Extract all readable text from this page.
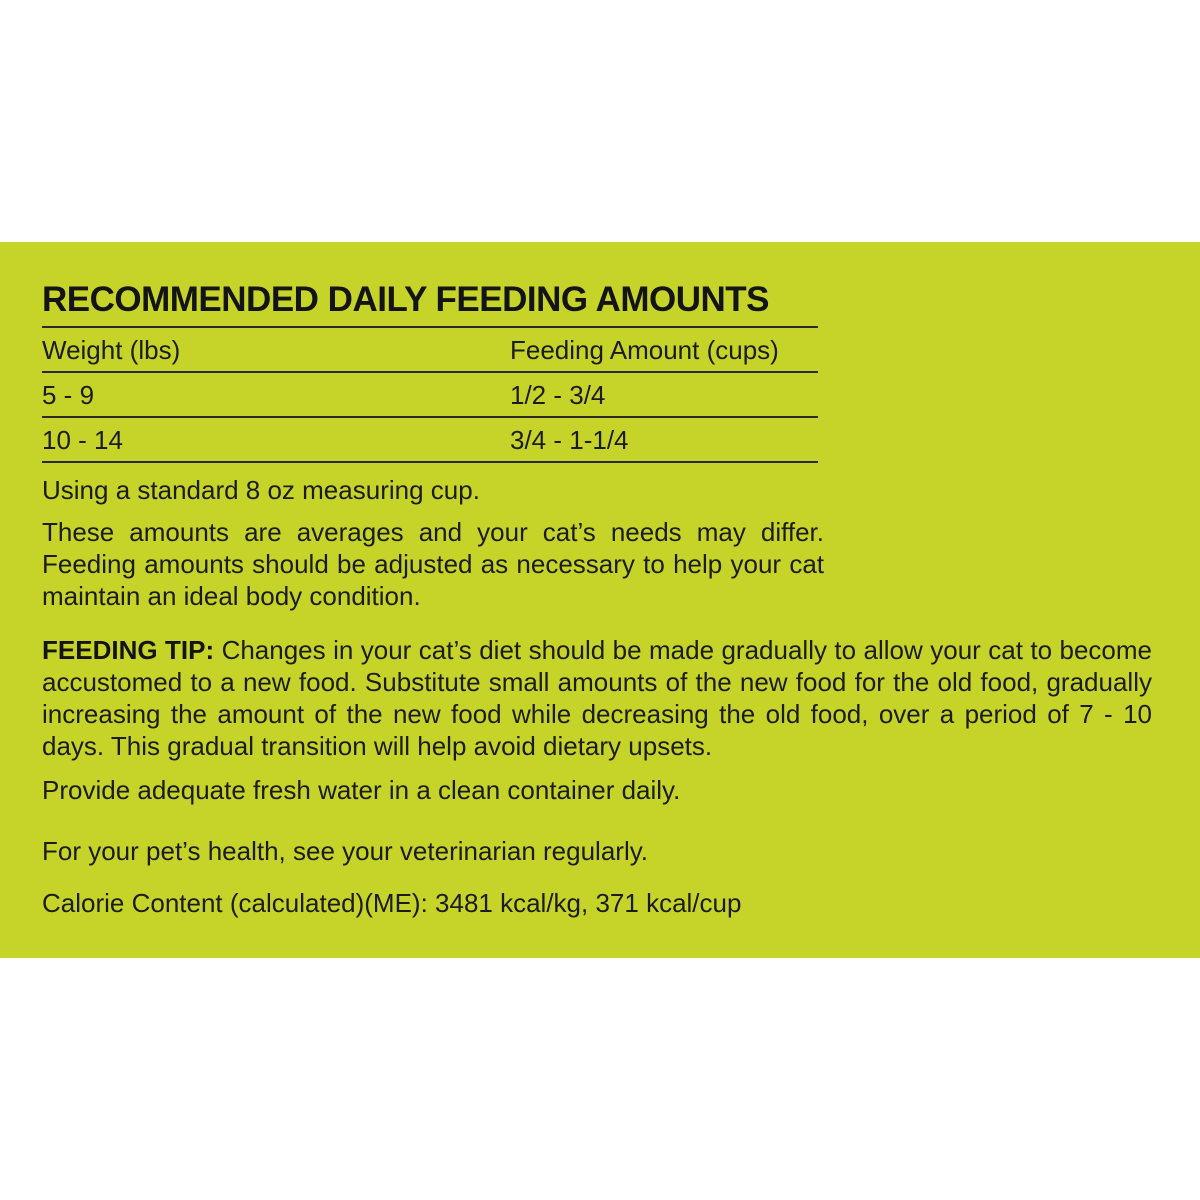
RECOMMENDED DAILY FEEDING AMOUNTS
Weight (lbs)	Feeding Amount (cups)
5 - 9	1/2 - 3/4
10 - 14	3/4 - 1-1/4
Using a standard 8 oz measuring cup.
These amounts are averages and your cat’s needs may differ. Feeding amounts should be adjusted as necessary to help your cat maintain an ideal body condition.
FEEDING TIP: Changes in your cat’s diet should be made gradually to allow your cat to become accustomed to a new food. Substitute small amounts of the new food for the old food, gradually increasing the amount of the new food while decreasing the old food, over a period of 7 - 10 days. This gradual transition will help avoid dietary upsets.
Provide adequate fresh water in a clean container daily.
For your pet’s health, see your veterinarian regularly.
Calorie Content (calculated)(ME): 3481 kcal/kg, 371 kcal/cup
